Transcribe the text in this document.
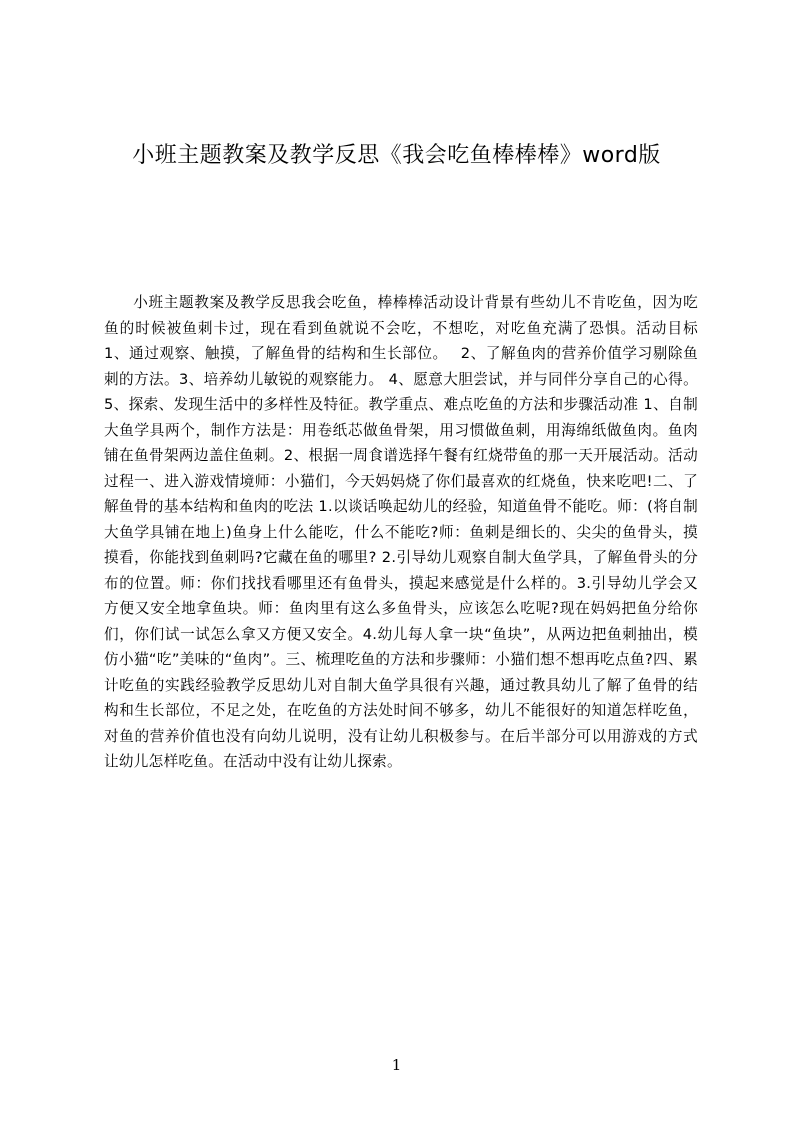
小班主题教案及教学反思《我会吃鱼棒棒棒》word版

小班主题教案及教学反思我会吃鱼，棒棒棒活动设计背景有些幼儿不肯吃鱼，因为吃鱼的时候被鱼刺卡过，现在看到鱼就说不会吃，不想吃，对吃鱼充满了恐惧。活动目标 1、通过观察、触摸，了解鱼骨的结构和生长部位。　 2、了解鱼肉的营养价值学习剔除鱼刺的方法。3、培养幼儿敏锐的观察能力。 4、愿意大胆尝试，并与同伴分享自己的心得。5、探索、发现生活中的多样性及特征。教学重点、难点吃鱼的方法和步骤活动准 1、自制大鱼学具两个，制作方法是：用卷纸芯做鱼骨架，用习惯做鱼刺，用海绵纸做鱼肉。鱼肉铺在鱼骨架两边盖住鱼刺。2、根据一周食谱选择午餐有红烧带鱼的那一天开展活动。活动过程一、进入游戏情境师：小猫们，今天妈妈烧了你们最喜欢的红烧鱼，快来吃吧!二、了解鱼骨的基本结构和鱼肉的吃法 1.以谈话唤起幼儿的经验，知道鱼骨不能吃。师：(将自制大鱼学具铺在地上)鱼身上什么能吃，什么不能吃?师：鱼刺是细长的、尖尖的鱼骨头，摸摸看，你能找到鱼刺吗?它藏在鱼的哪里? 2.引导幼儿观察自制大鱼学具，了解鱼骨头的分布的位置。师：你们找找看哪里还有鱼骨头，摸起来感觉是什么样的。3.引导幼儿学会又方便又安全地拿鱼块。师：鱼肉里有这么多鱼骨头，应该怎么吃呢?现在妈妈把鱼分给你们，你们试一试怎么拿又方便又安全。4.幼儿每人拿一块“鱼块”，从两边把鱼刺抽出，模仿小猫“吃”美味的“鱼肉”。三、梳理吃鱼的方法和步骤师：小猫们想不想再吃点鱼?四、累计吃鱼的实践经验教学反思幼儿对自制大鱼学具很有兴趣，通过教具幼儿了解了鱼骨的结构和生长部位，不足之处，在吃鱼的方法处时间不够多，幼儿不能很好的知道怎样吃鱼，对鱼的营养价值也没有向幼儿说明，没有让幼儿积极参与。在后半部分可以用游戏的方式让幼儿怎样吃鱼。在活动中没有让幼儿探索。

1
